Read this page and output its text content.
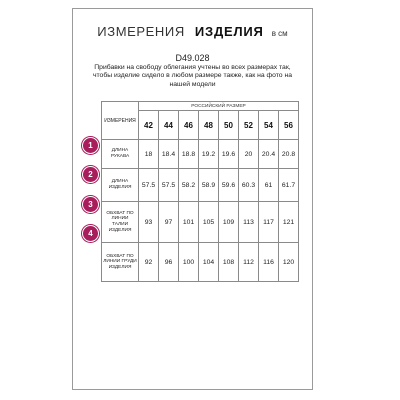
ИЗМЕРЕНИЯ ИЗДЕЛИЯ в см
D49.028
Прибавки на свободу облегания учтены во всех размерах так, чтобы изделие сидело в любом размере также, как на фото на нашей модели
ИЗМЕРЕНИЯ	РОССИЙСКИЙ РАЗМЕР							
	42	44	46	48	50	52	54	56
ДЛИНА РУКАВА	18	18.4	18.8	19.2	19.6	20	20.4	20.8
ДЛИНА ИЗДЕЛИЯ	57.5	57.5	58.2	58.9	59.6	60.3	61	61.7
ОБХВАТ ПО ЛИНИИ ТАЛИИ ИЗДЕЛИЯ	93	97	101	105	109	113	117	121
ОБХВАТ ПО ЛИНИИ ГРУДИ ИЗДЕЛИЯ	92	96	100	104	108	112	116	120
1
2
3
4
